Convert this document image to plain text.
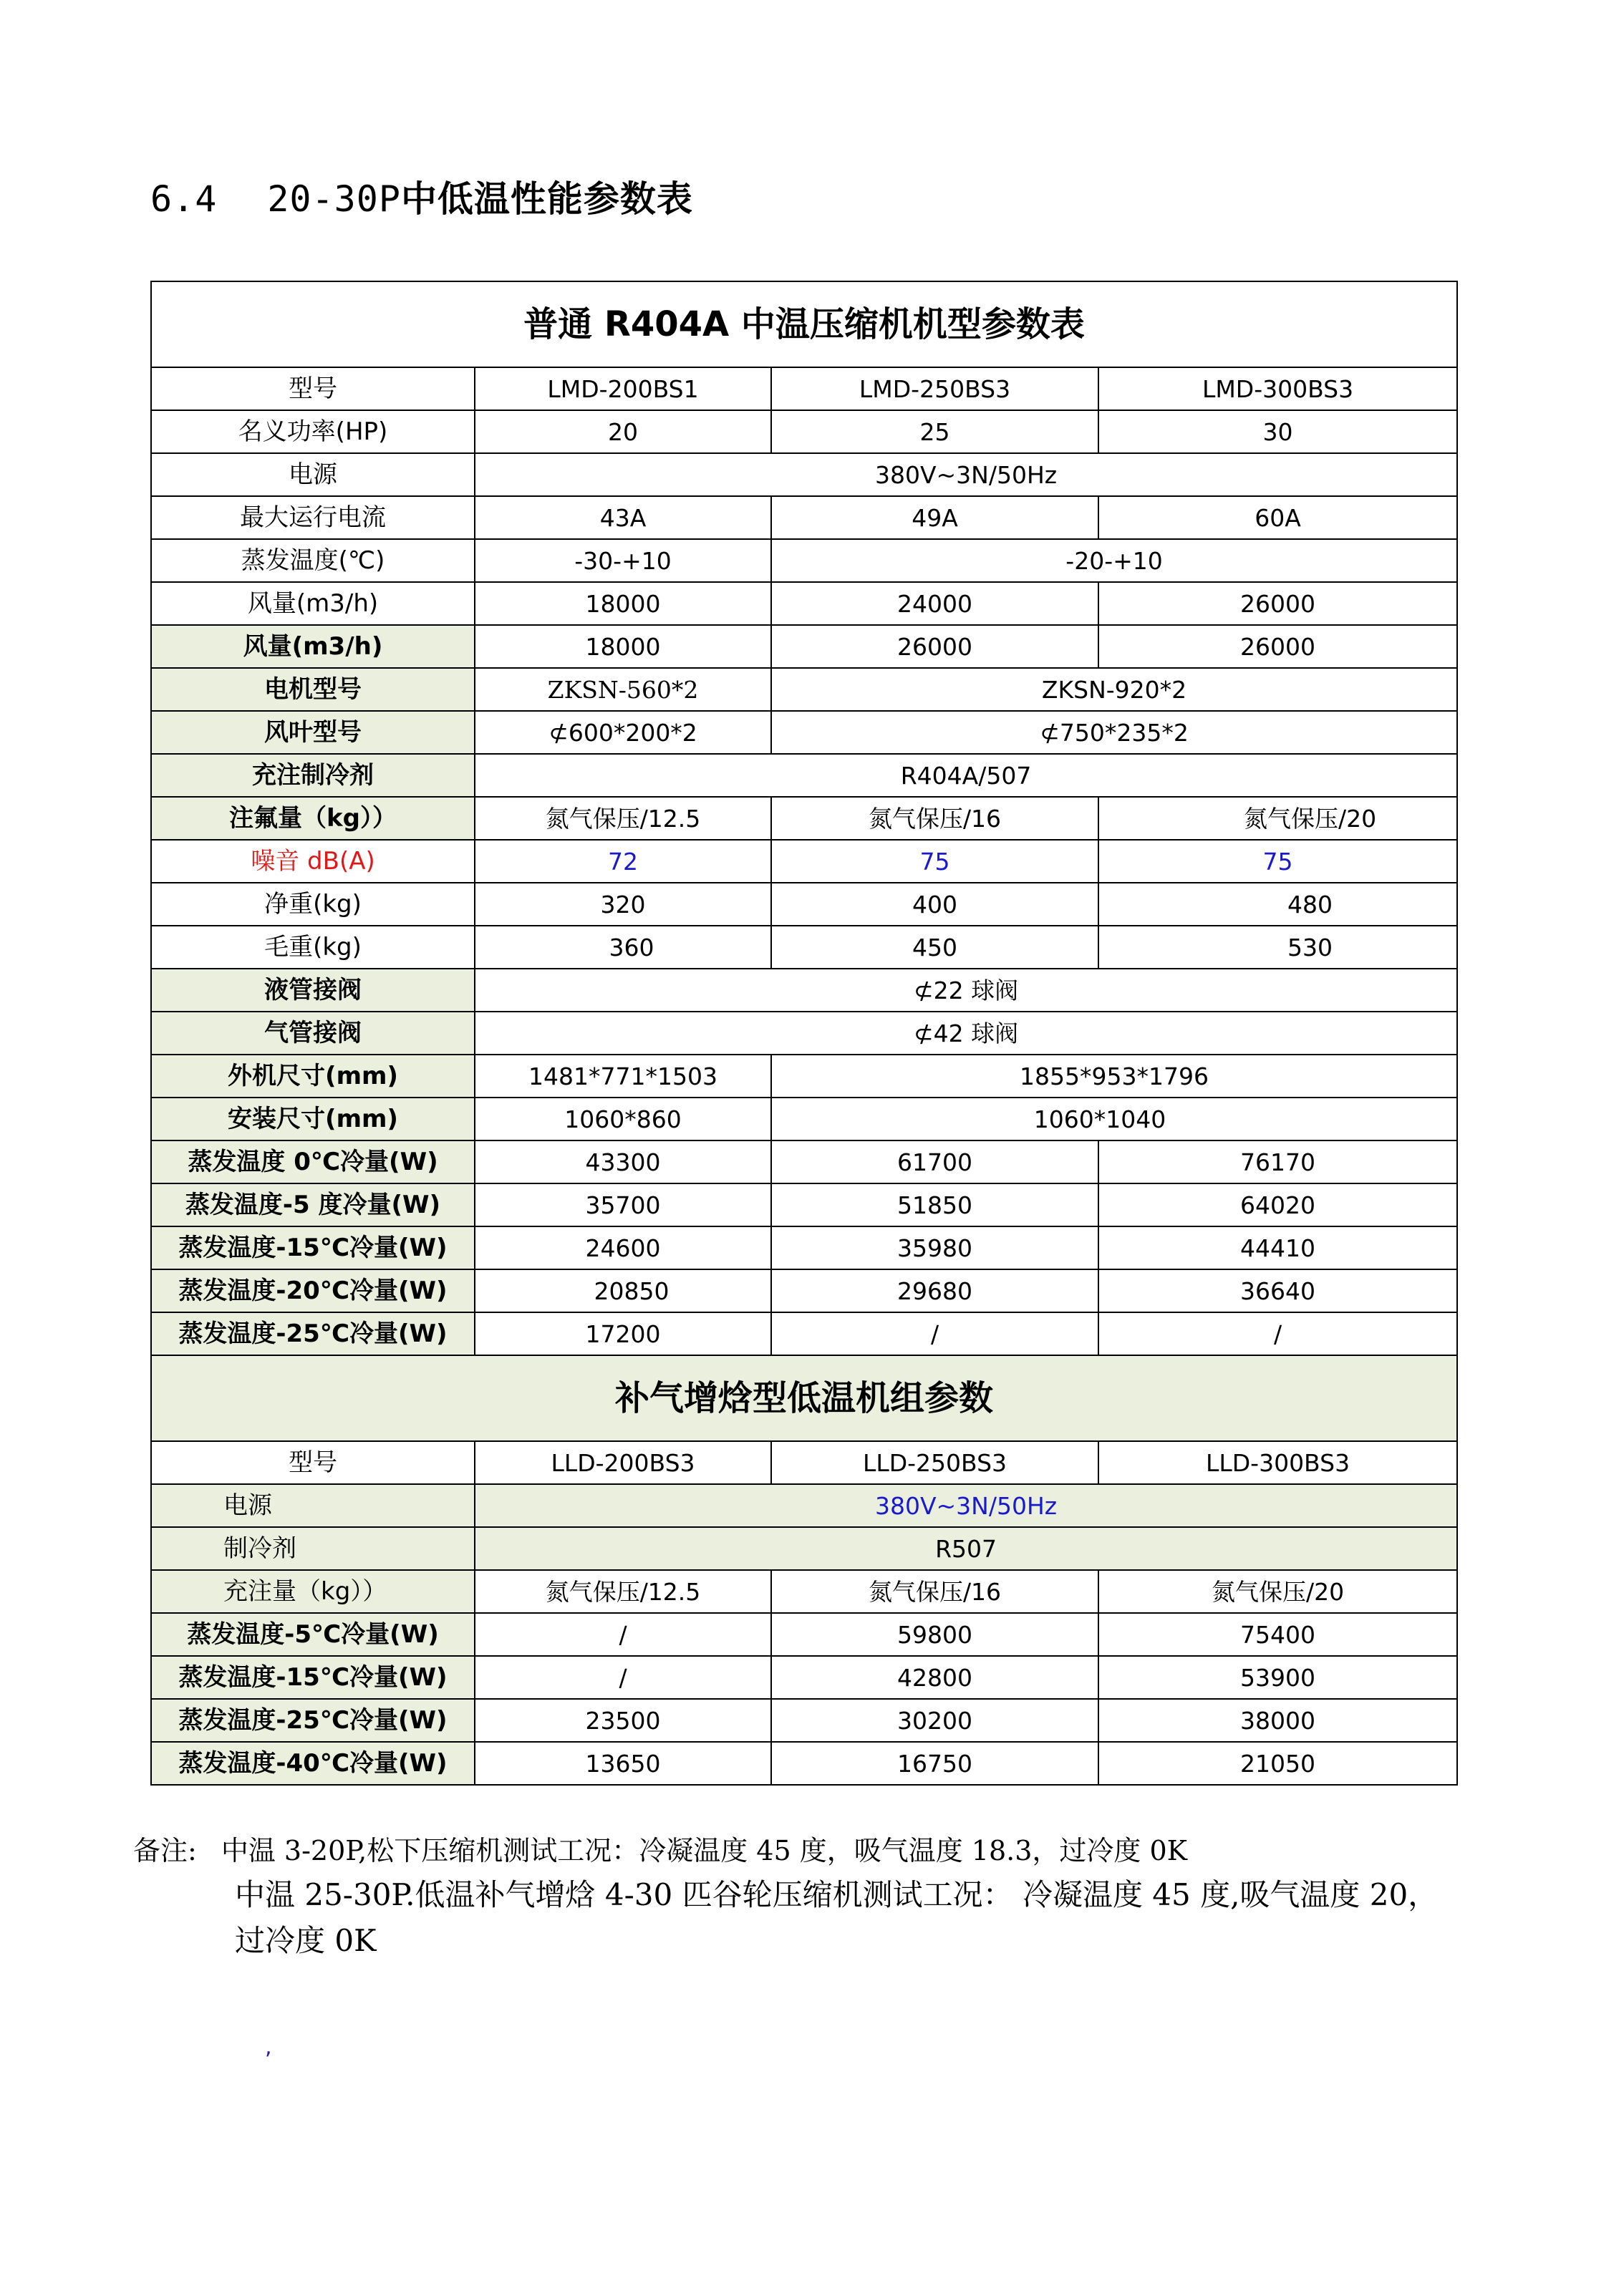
6.4 20-30P中低温性能参数表
普通 R404A 中温压缩机机型参数表			
型号	LMD-200BS1	LMD-250BS3	LMD-300BS3
名义功率(HP)	20	25	30
电源	380V~3N/50Hz		
最大运行电流	43A	49A	60A
蒸发温度(℃)	-30-+10	-20-+10	
风量(m3/h)	18000	24000	26000
风量(m3/h)	18000	26000	26000
电机型号	ZKSN-560*2	ZKSN-920*2	
风叶型号	⊄600*200*2	⊄750*235*2	
充注制冷剂	R404A/507		
注氟量（kg））	氮气保压/12.5	氮气保压/16	氮气保压/20
噪音 dB(A)	72	75	75
净重(kg)	320	400	480
毛重(kg)	360	450	530
液管接阀	⊄22 球阀		
气管接阀	⊄42 球阀		
外机尺寸(mm)	1481*771*1503	1855*953*1796	
安装尺寸(mm)	1060*860	1060*1040	
蒸发温度 0℃冷量(W)	43300	61700	76170
蒸发温度-5 度冷量(W)	35700	51850	64020
蒸发温度-15℃冷量(W)	24600	35980	44410
蒸发温度-20℃冷量(W)	20850	29680	36640
蒸发温度-25℃冷量(W)	17200	/	/
补气增焓型低温机组参数			
型号	LLD-200BS3	LLD-250BS3	LLD-300BS3
电源	380V~3N/50Hz		
制冷剂	R507		
充注量（kg））	氮气保压/12.5	氮气保压/16	氮气保压/20
蒸发温度-5℃冷量(W)	/	59800	75400
蒸发温度-15℃冷量(W)	/	42800	53900
蒸发温度-25℃冷量(W)	23500	30200	38000
蒸发温度-40℃冷量(W)	13650	16750	21050
备注: 中温 3-20P,松下压缩机测试工况：冷凝温度 45 度，吸气温度 18.3，过冷度 0K
中温 25-30P.低温补气增焓 4-30 匹谷轮压缩机测试工况： 冷凝温度 45 度,吸气温度 20，
过冷度 0K
,
